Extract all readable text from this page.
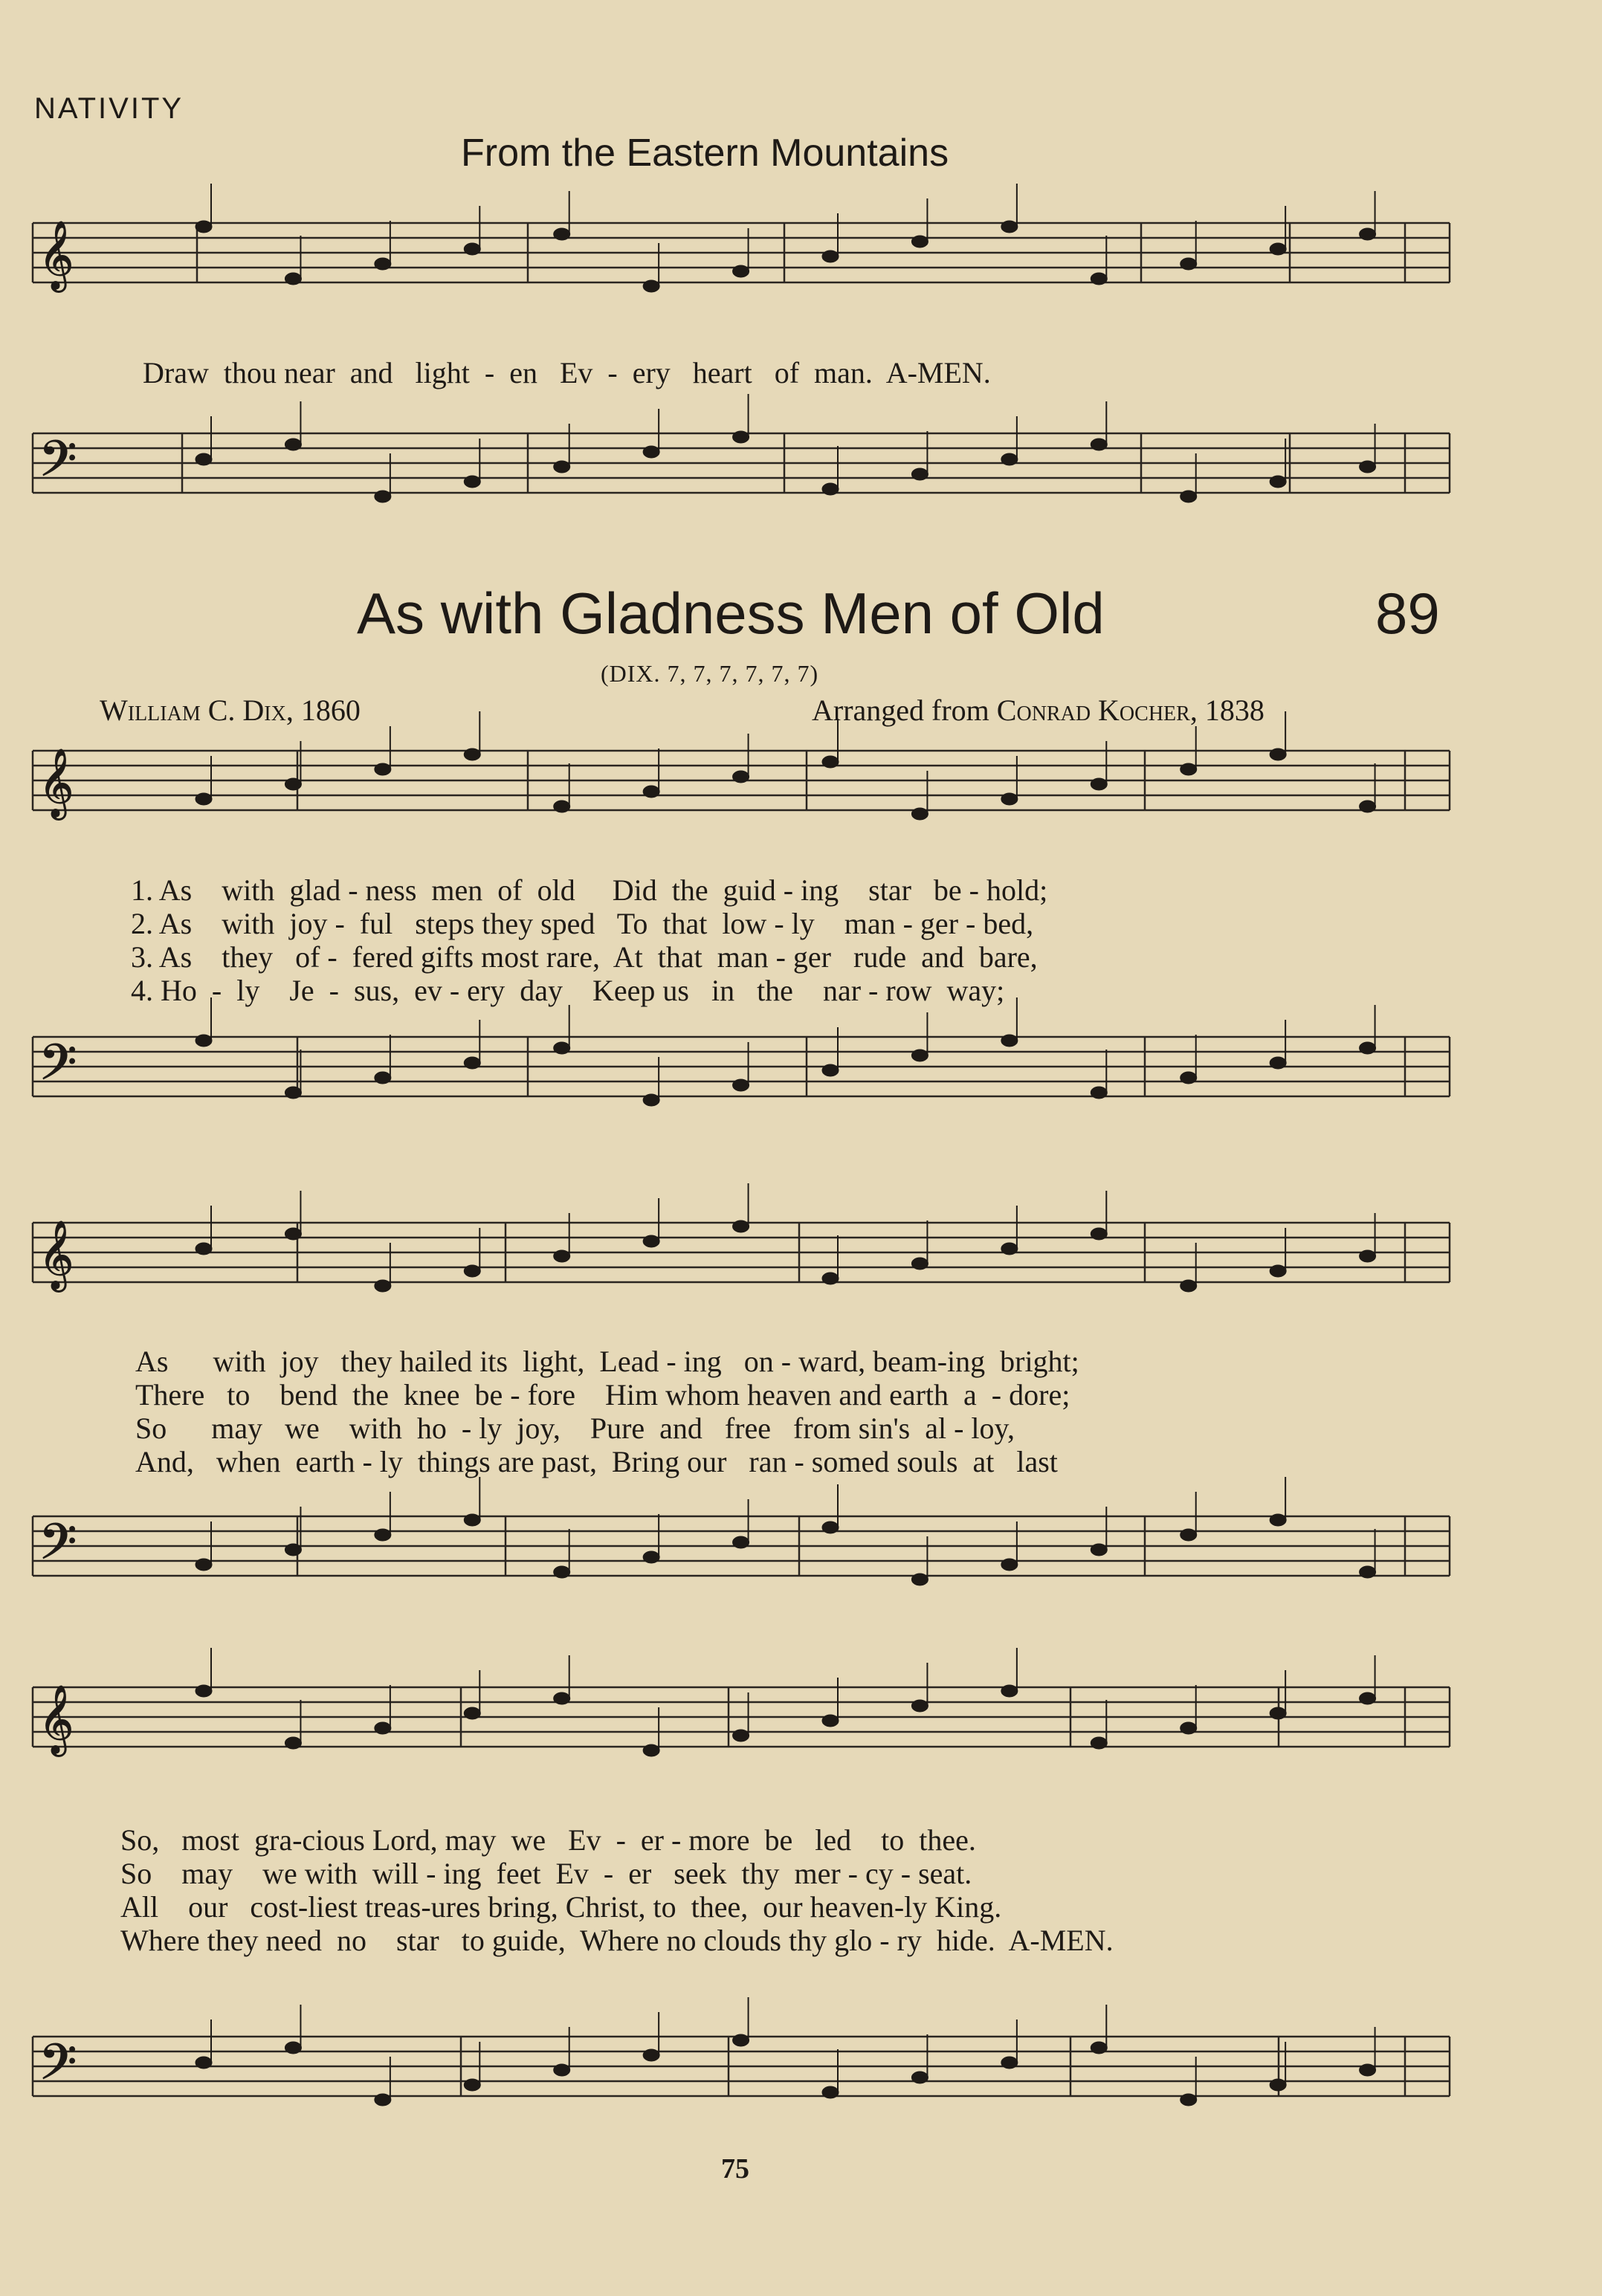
𝄞
𝄢
𝄞
𝄢
𝄞
𝄢
𝄞
𝄢
NATIVITY
From the Eastern Mountains
Draw  thou near  and   light  -  en   Ev  -  ery   heart   of  man.  A-MEN.
As with Gladness Men of Old	89
(DIX. 7, 7, 7, 7, 7, 7)
William C. Dix, 1860	Arranged from Conrad Kocher, 1838
1. As    with  glad - ness  men  of  old     Did  the  guid - ing    star   be - hold;
2. As    with  joy -  ful   steps they sped   To  that  low - ly    man - ger - bed,
3. As    they   of -  fered gifts most rare,  At  that  man - ger   rude  and  bare,
4. Ho  -  ly    Je  -  sus,  ev - ery  day    Keep us   in   the    nar - row  way;
As      with  joy   they hailed its  light,  Lead - ing   on - ward, beam-ing  bright;
There   to    bend  the  knee  be - fore    Him whom heaven and earth  a  - dore;
So      may   we    with  ho  - ly  joy,    Pure  and   free   from sin's  al - loy,
And,   when  earth - ly  things are past,  Bring our   ran - somed souls  at   last
So,   most  gra-cious Lord, may  we   Ev  -  er - more  be   led    to  thee.
So    may    we with  will - ing  feet  Ev  -  er   seek  thy  mer - cy - seat.
All    our   cost-liest treas-ures bring, Christ, to  thee,  our heaven-ly King.
Where they need  no    star   to guide,  Where no clouds thy glo - ry  hide.  A-MEN.
75
